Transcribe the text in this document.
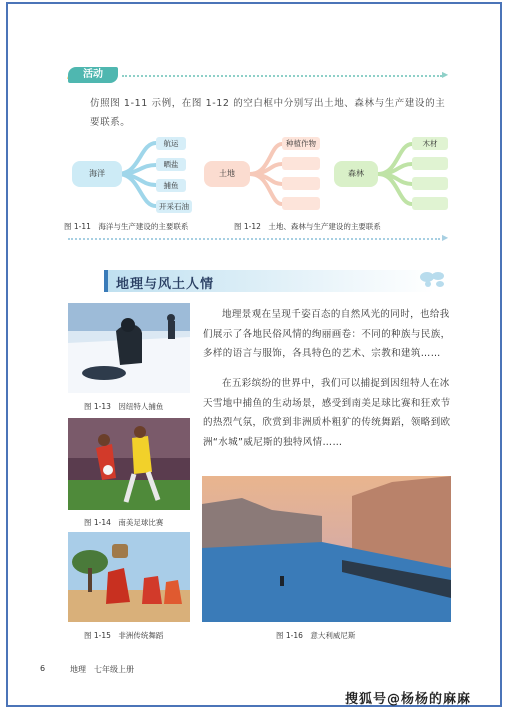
活动	▶
仿照图 1-11 示例，在图 1-12 的空白框中分别写出土地、森林与生产建设的主要联系。
海洋
航运
晒盐
捕鱼
开采石油
土地
种植作物
森林
木材
图 1-11　海洋与生产建设的主要联系	图 1-12　土地、森林与生产建设的主要联系
▶
地理与风土人情
图 1-13　因纽特人捕鱼
图 1-14　南美足球比赛
图 1-15　非洲传统舞蹈	图 1-16　意大利威尼斯
地理景观在呈现千姿百态的自然风光的同时，也给我们展示了各地民俗风情的绚丽画卷：不同的种族与民族，多样的语言与服饰，各具特色的艺术、宗教和建筑……
在五彩缤纷的世界中，我们可以捕捉到因纽特人在冰天雪地中捕鱼的生动场景，感受到南美足球比赛和狂欢节的热烈气氛，欣赏到非洲质朴粗犷的传统舞蹈，领略到欧洲“水城”威尼斯的独特风情……
6	地理　七年级上册
搜狐号@杨杨的麻麻
